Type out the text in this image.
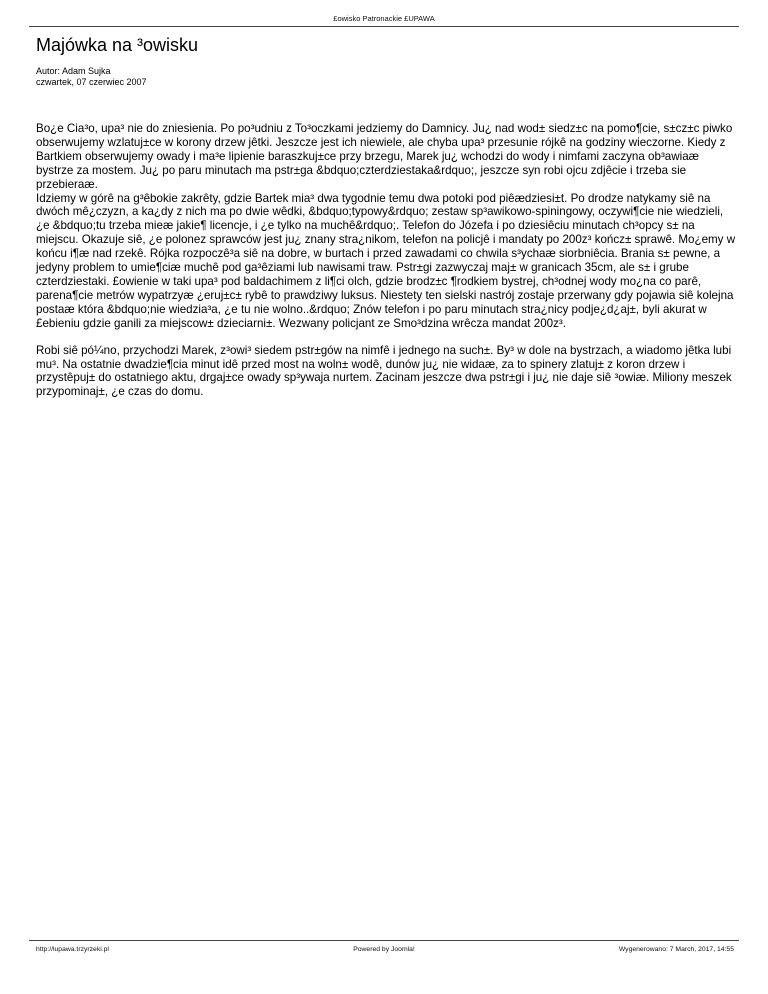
£owisko Patronackie £UPAWA
Majówka na ³owisku
Autor: Adam Sujka
czwartek, 07 czerwiec 2007

Bo¿e Cia³o, upa³ nie do zniesienia. Po po³udniu z To³oczkami jedziemy do Damnicy. Ju¿ nad wod± siedz±c na pomo¶cie, s±cz±c piwko obserwujemy wzlatuj±ce w korony drzew jêtki. Jeszcze jest ich niewiele, ale chyba upa³ przesunie rójkê na godziny wieczorne. Kiedy z Bartkiem obserwujemy owady i ma³e lipienie baraszkuj±ce przy brzegu, Marek ju¿ wchodzi do wody i nimfami zaczyna ob³awiaæ bystrze za mostem. Ju¿ po paru minutach ma pstr±ga &bdquo;czterdziestaka&rdquo;, jeszcze syn robi ojcu zdjêcie i trzeba sie przebieraæ.
Idziemy w górê na g³êbokie zakrêty, gdzie Bartek mia³ dwa tygodnie temu dwa potoki pod piêædziesi±t. Po drodze natykamy siê na dwóch mê¿czyzn, a ka¿dy z nich ma po dwie wêdki, &bdquo;typowy&rdquo; zestaw sp³awikowo-spiningowy, oczywi¶cie nie wiedzieli, ¿e &bdquo;tu trzeba mieæ jakie¶ licencje, i ¿e tylko na muchê&rdquo;. Telefon do Józefa i po dziesiêciu minutach ch³opcy s± na miejscu. Okazuje siê, ¿e polonez sprawców jest ju¿ znany stra¿nikom, telefon na policjê i mandaty po 200z³ kończ± sprawê. Mo¿emy w końcu i¶æ nad rzekê. Rójka rozpoczê³a siê na dobre, w burtach i przed zawadami co chwila s³ychaæ siorbniêcia. Brania s± pewne, a jedyny problem to umie¶ciæ muchê pod ga³êziami lub nawisami traw. Pstr±gi zazwyczaj maj± w granicach 35cm, ale s± i grube czterdziestaki. £owienie w taki upa³ pod baldachimem z li¶ci olch, gdzie brodz±c ¶rodkiem bystrej, ch³odnej wody mo¿na co parê, parena¶cie metrów wypatrzyæ ¿eruj±c± rybê to prawdziwy luksus. Niestety ten sielski nastrój zostaje przerwany gdy pojawia siê kolejna postaæ która &bdquo;nie wiedzia³a, ¿e tu nie wolno..&rdquo; Znów telefon i po paru minutach stra¿nicy podje¿d¿aj±, byli akurat w £ebieniu gdzie ganili za miejscow± dzieciarni±. Wezwany policjant ze Smo³dzina wrêcza mandat 200z³.

Robi siê pó¼no, przychodzi Marek, z³owi³ siedem pstr±gów na nimfê i jednego na such±. By³ w dole na bystrzach, a wiadomo jêtka lubi mu³. Na ostatnie dwadzie¶cia minut idê przed most na woln± wodê, dunów ju¿ nie widaæ, za to spinery zlatuj± z koron drzew i przystêpuj± do ostatniego aktu, drgaj±ce owady sp³ywaja nurtem. Zacinam jeszcze dwa pstr±gi i ju¿ nie daje siê ³owiæ. Miliony meszek przypominaj±, ¿e czas do domu.

http://lupawa.trzyrzeki.pl	Powered by Joomla!	Wygenerowano: 7 March, 2017, 14:55
